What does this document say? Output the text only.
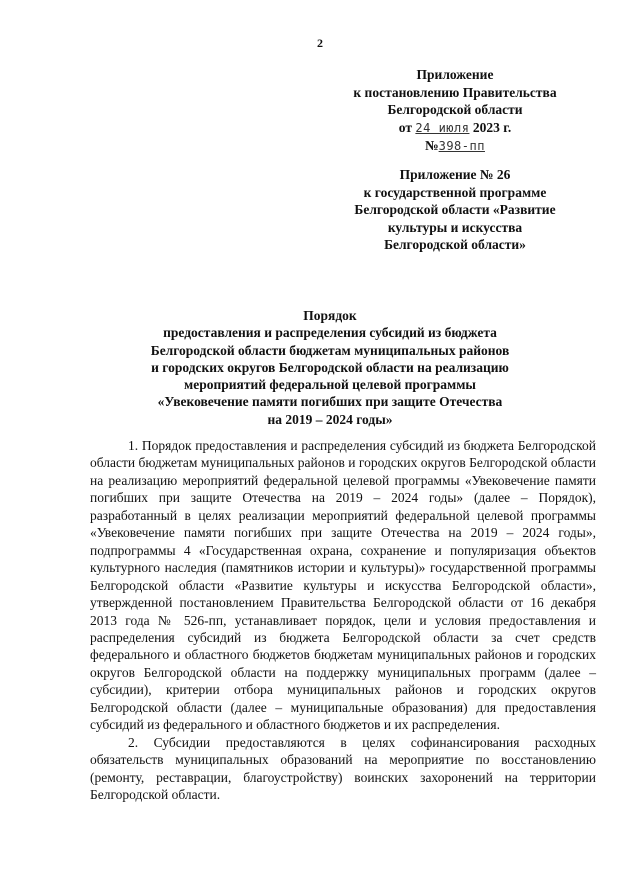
2
Приложение
к постановлению Правительства
Белгородской области
от 24 июля 2023 г.
№398-пп
Приложение № 26
к государственной программе
Белгородской области «Развитие
культуры и искусства
Белгородской области»
Порядок
предоставления и распределения субсидий из бюджета
Белгородской области бюджетам муниципальных районов
и городских округов Белгородской области на реализацию
мероприятий федеральной целевой программы
«Увековечение памяти погибших при защите Отечества
на 2019 – 2024 годы»

1. Порядок предоставления и распределения субсидий из бюджета Белгородской области бюджетам муниципальных районов и городских округов Белгородской области на реализацию мероприятий федеральной целевой программы «Увековечение памяти погибших при защите Отечества на 2019 – 2024 годы» (далее – Порядок), разработанный в целях реализации мероприятий федеральной целевой программы «Увековечение памяти погибших при защите Отечества на 2019 – 2024 годы», подпрограммы 4 «Государственная охрана, сохранение и популяризация объектов культурного наследия (памятников истории и культуры)» государственной программы Белгородской области «Развитие культуры и искусства Белгородской области», утвержденной постановлением Правительства Белгородской области от 16 декабря 2013 года № 526-пп, устанавливает порядок, цели и условия предоставления и распределения субсидий из бюджета Белгородской области за счет средств федерального и областного бюджетов бюджетам муниципальных районов и городских округов Белгородской области на поддержку муниципальных программ (далее – субсидии), критерии отбора муниципальных районов и городских округов Белгородской области (далее – муниципальные образования) для предоставления субсидий из федерального и областного бюджетов и их распределения.

2. Субсидии предоставляются в целях софинансирования расходных обязательств муниципальных образований на мероприятие по восстановлению (ремонту, реставрации, благоустройству) воинских захоронений на территории Белгородской области.
